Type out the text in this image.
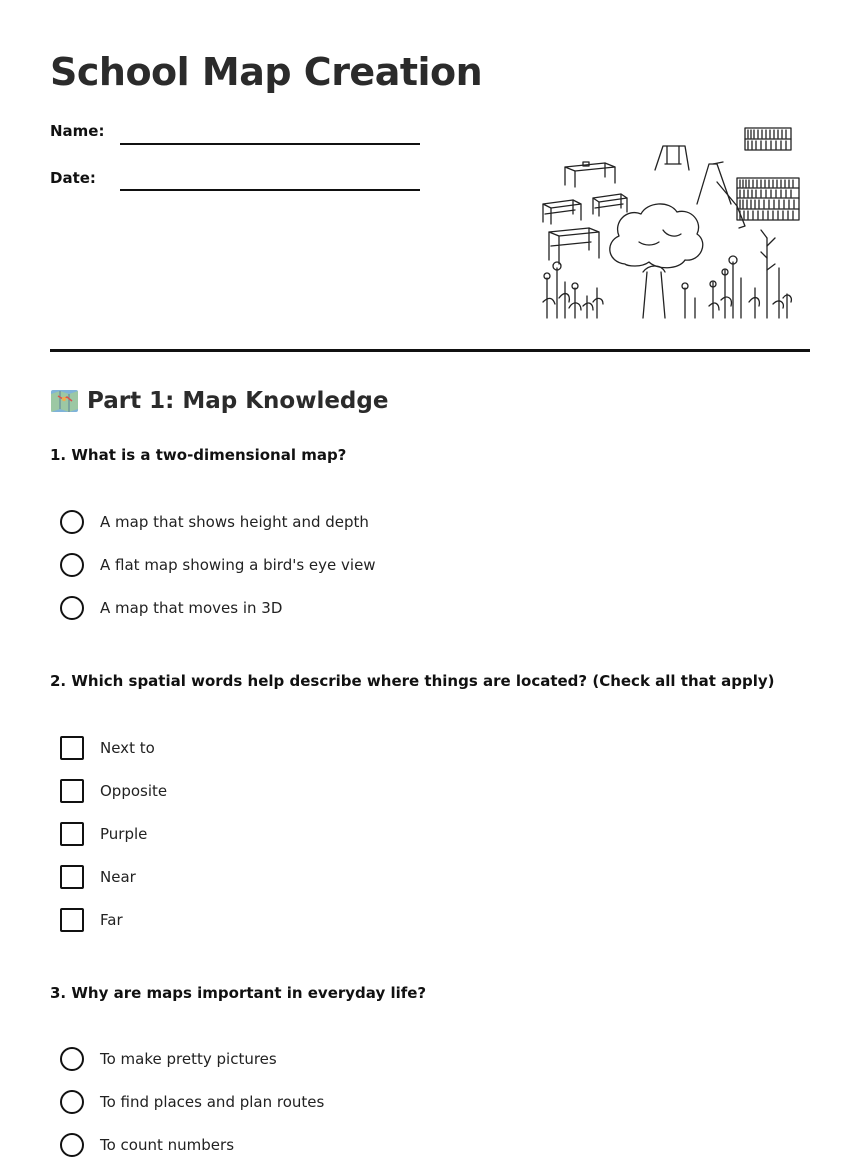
School Map Creation
Name:
Date:
Part 1: Map Knowledge
1. What is a two-dimensional map?
A map that shows height and depth
A flat map showing a bird's eye view
A map that moves in 3D
2. Which spatial words help describe where things are located? (Check all that apply)
Next to
Opposite
Purple
Near
Far
3. Why are maps important in everyday life?
To make pretty pictures
To find places and plan routes
To count numbers
